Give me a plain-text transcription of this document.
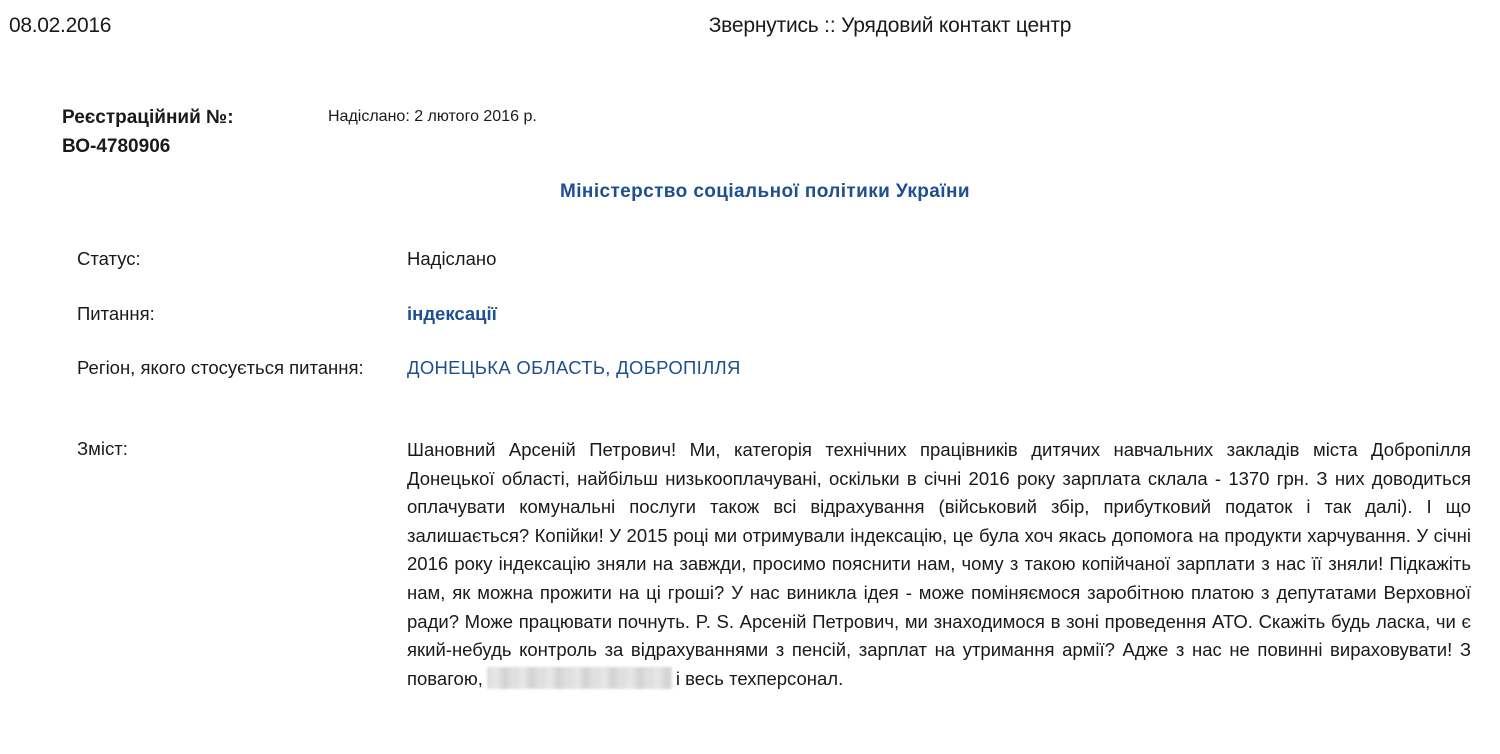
08.02.2016	Звернутись :: Урядовий контакт центр
Реєстраційний №:
ВО-4780906
Надіслано: 2 лютого 2016 р.
Міністерство соціальної політики України
Статус:	Надіслано
Питання:	індексації
Регіон, якого стосується питання: ДОНЕЦЬКА ОБЛАСТЬ, ДОБРОПІЛЛЯ
Зміст:	Шановний Арсеній Петрович! Ми, категорія технічних працівників дитячих навчальних закладів міста Добропілля Донецької області, найбільш низькооплачувані, оскільки в січні 2016 року зарплата склала - 1370 грн. З них доводиться оплачувати комунальні послуги також всі відрахування (військовий збір, прибутковий податок і так далі). І що залишається? Копійки! У 2015 році ми отримували індексацію, це була хоч якась допомога на продукти харчування. У січні 2016 року індексацію зняли на завжди, просимо пояснити нам, чому з такою копійчаної зарплати з нас її зняли! Підкажіть нам, як можна прожити на ці гроші? У нас виникла ідея - може поміняємося заробітною платою з депутатами Верховної ради? Може працювати почнуть. P. S. Арсеній Петрович, ми знаходимося в зоні проведення АТО. Скажіть будь ласка, чи є який-небудь контроль за відрахуваннями з пенсій, зарплат на утримання армії? Адже з нас не повинні вираховувати! З повагою,	і весь техперсонал.
